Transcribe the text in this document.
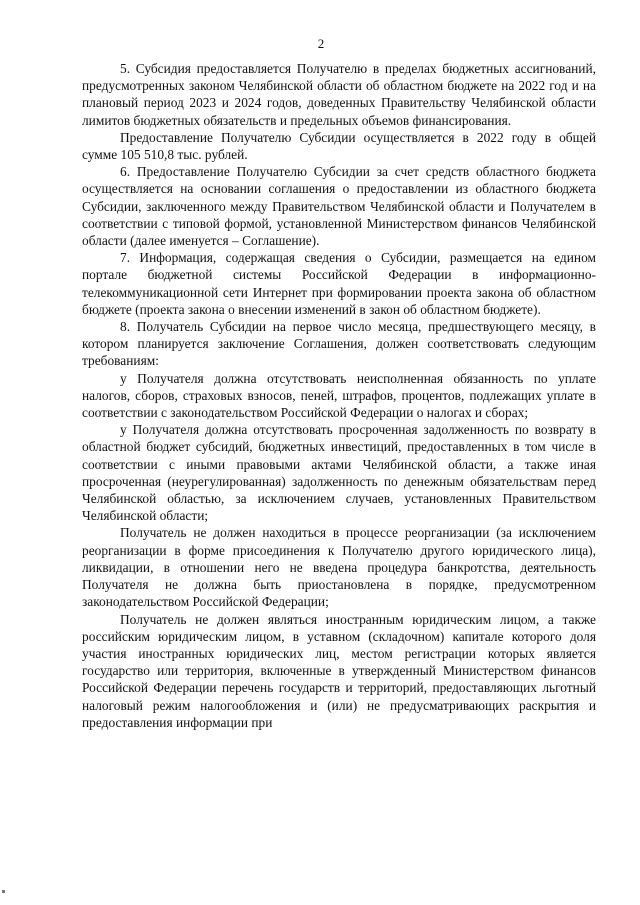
2

5. Субсидия предоставляется Получателю в пределах бюджетных ассигнований, предусмотренных законом Челябинской области об областном бюджете на 2022 год и на плановый период 2023 и 2024 годов, доведенных Правительству Челябинской области лимитов бюджетных обязательств и предельных объемов финансирования.

Предоставление Получателю Субсидии осуществляется в 2022 году в общей сумме 105 510,8 тыс. рублей.

6. Предоставление Получателю Субсидии за счет средств областного бюджета осуществляется на основании соглашения о предоставлении из областного бюджета Субсидии, заключенного между Правительством Челябинской области и Получателем в соответствии с типовой формой, установленной Министерством финансов Челябинской области (далее именуется – Соглашение).

7. Информация, содержащая сведения о Субсидии, размещается на едином портале бюджетной системы Российской Федерации в информационно-телекоммуникационной сети Интернет при формировании проекта закона об областном бюджете (проекта закона о внесении изменений в закон об областном бюджете).

8. Получатель Субсидии на первое число месяца, предшествующего месяцу, в котором планируется заключение Соглашения, должен соответствовать следующим требованиям:

у Получателя должна отсутствовать неисполненная обязанность по уплате налогов, сборов, страховых взносов, пеней, штрафов, процентов, подлежащих уплате в соответствии с законодательством Российской Федерации о налогах и сборах;

у Получателя должна отсутствовать просроченная задолженность по возврату в областной бюджет субсидий, бюджетных инвестиций, предоставленных в том числе в соответствии с иными правовыми актами Челябинской области, а также иная просроченная (неурегулированная) задолженность по денежным обязательствам перед Челябинской областью, за исключением случаев, установленных Правительством Челябинской области;

Получатель не должен находиться в процессе реорганизации (за исключением реорганизации в форме присоединения к Получателю другого юридического лица), ликвидации, в отношении него не введена процедура банкротства, деятельность Получателя не должна быть приостановлена в порядке, предусмотренном законодательством Российской Федерации;

Получатель не должен являться иностранным юридическим лицом, а также российским юридическим лицом, в уставном (складочном) капитале которого доля участия иностранных юридических лиц, местом регистрации которых является государство или территория, включенные в утвержденный Министерством финансов Российской Федерации перечень государств и территорий, предоставляющих льготный налоговый режим налогообложения и (или) не предусматривающих раскрытия и предоставления информации при
